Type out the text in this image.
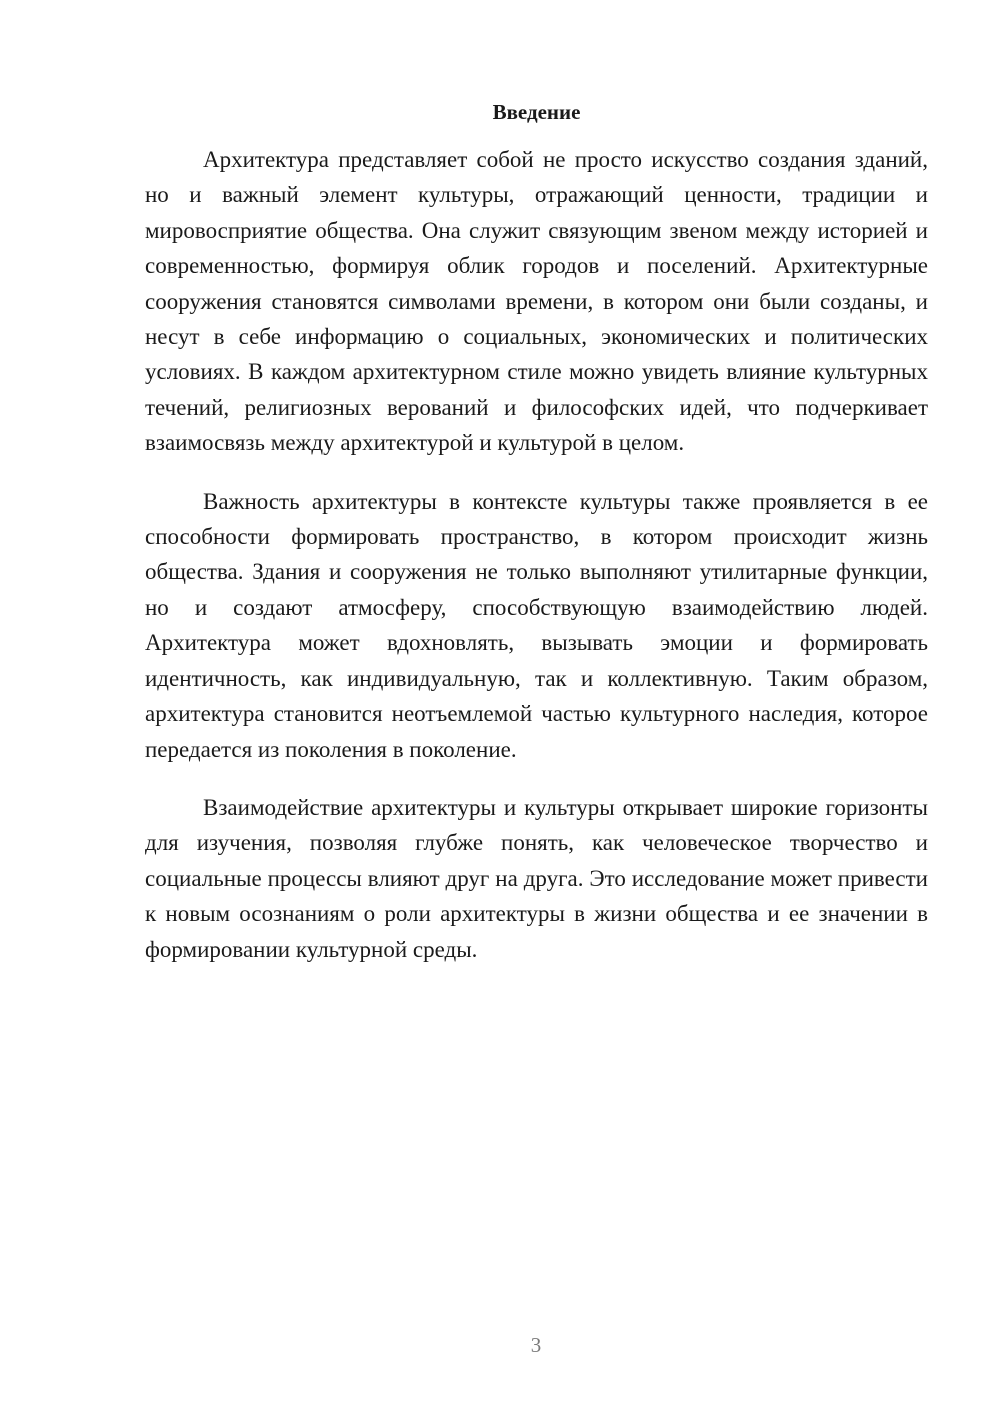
Введение

Архитектура представляет собой не просто искусство создания зданий, но и важный элемент культуры, отражающий ценности, традиции и мировосприятие общества. Она служит связующим звеном между историей и современностью, формируя облик городов и поселений. Архитектурные сооружения становятся символами времени, в котором они были созданы, и несут в себе информацию о социальных, экономических и политических условиях. В каждом архитектурном стиле можно увидеть влияние культурных течений, религиозных верований и философских идей, что подчеркивает взаимосвязь между архитектурой и культурой в целом.

Важность архитектуры в контексте культуры также проявляется в ее способности формировать пространство, в котором происходит жизнь общества. Здания и сооружения не только выполняют утилитарные функции, но и создают атмосферу, способствующую взаимодействию людей. Архитектура может вдохновлять, вызывать эмоции и формировать идентичность, как индивидуальную, так и коллективную. Таким образом, архитектура становится неотъемлемой частью культурного наследия, которое передается из поколения в поколение.

Взаимодействие архитектуры и культуры открывает широкие горизонты для изучения, позволяя глубже понять, как человеческое творчество и социальные процессы влияют друг на друга. Это исследование может привести к новым осознаниям о роли архитектуры в жизни общества и ее значении в формировании культурной среды.

3
